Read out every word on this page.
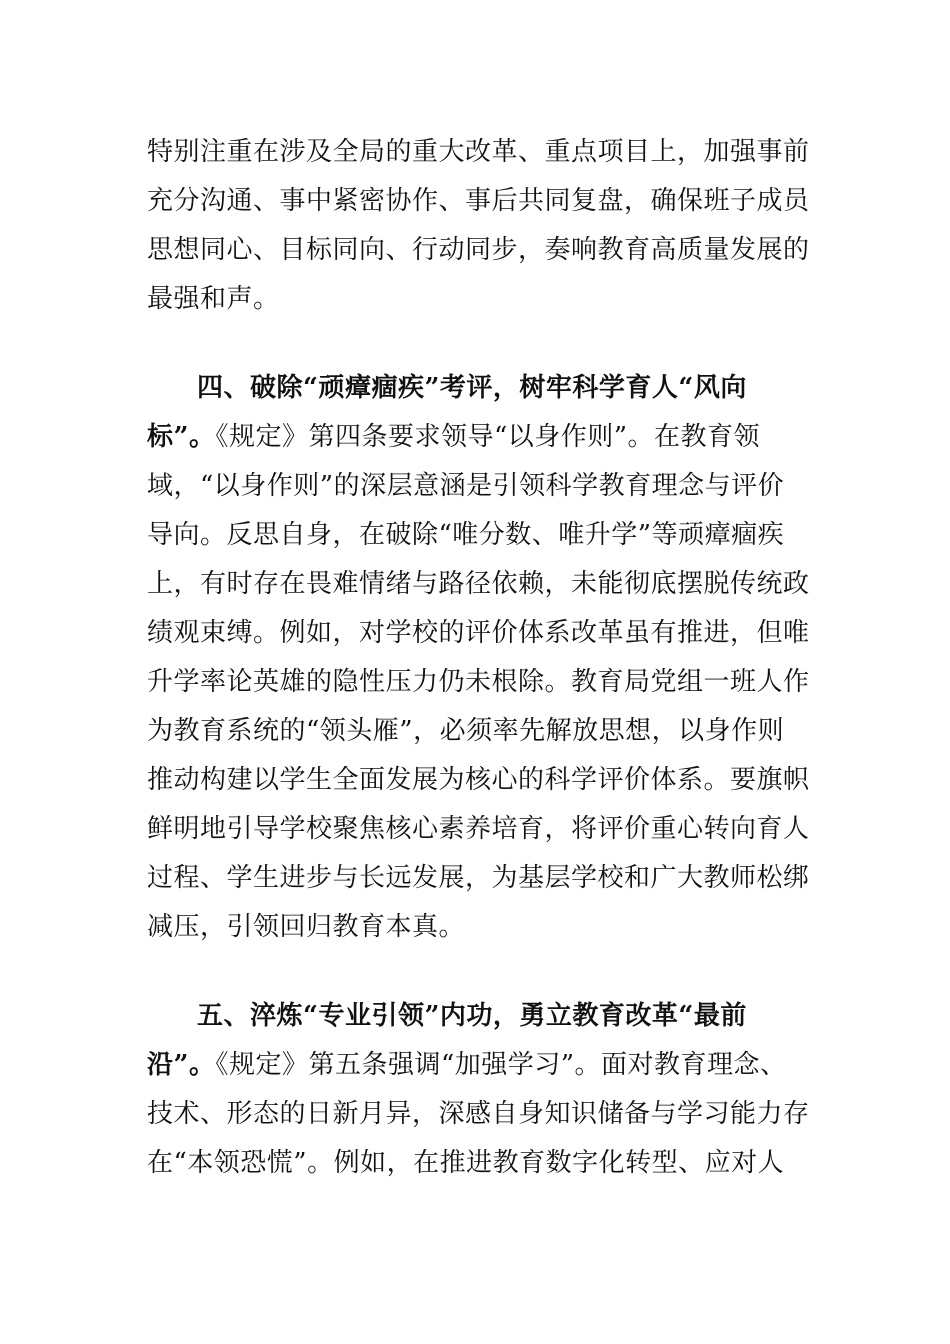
特别注重在涉及全局的重大改革、重点项目上，加强事前
充分沟通、事中紧密协作、事后共同复盘，确保班子成员
思想同心、目标同向、行动同步，奏响教育高质量发展的
最强和声。
四、破除“顽瘴痼疾”考评，树牢科学育人“风向
标”。《规定》第四条要求领导“以身作则”。在教育领
域，“以身作则”的深层意涵是引领科学教育理念与评价
导向。反思自身，在破除“唯分数、唯升学”等顽瘴痼疾
上，有时存在畏难情绪与路径依赖，未能彻底摆脱传统政
绩观束缚。例如，对学校的评价体系改革虽有推进，但唯
升学率论英雄的隐性压力仍未根除。教育局党组一班人作
为教育系统的“领头雁”，必须率先解放思想，以身作则
推动构建以学生全面发展为核心的科学评价体系。要旗帜
鲜明地引导学校聚焦核心素养培育，将评价重心转向育人
过程、学生进步与长远发展，为基层学校和广大教师松绑
减压，引领回归教育本真。
五、淬炼“专业引领”内功，勇立教育改革“最前
沿”。《规定》第五条强调“加强学习”。面对教育理念、
技术、形态的日新月异，深感自身知识储备与学习能力存
在“本领恐慌”。例如，在推进教育数字化转型、应对人
